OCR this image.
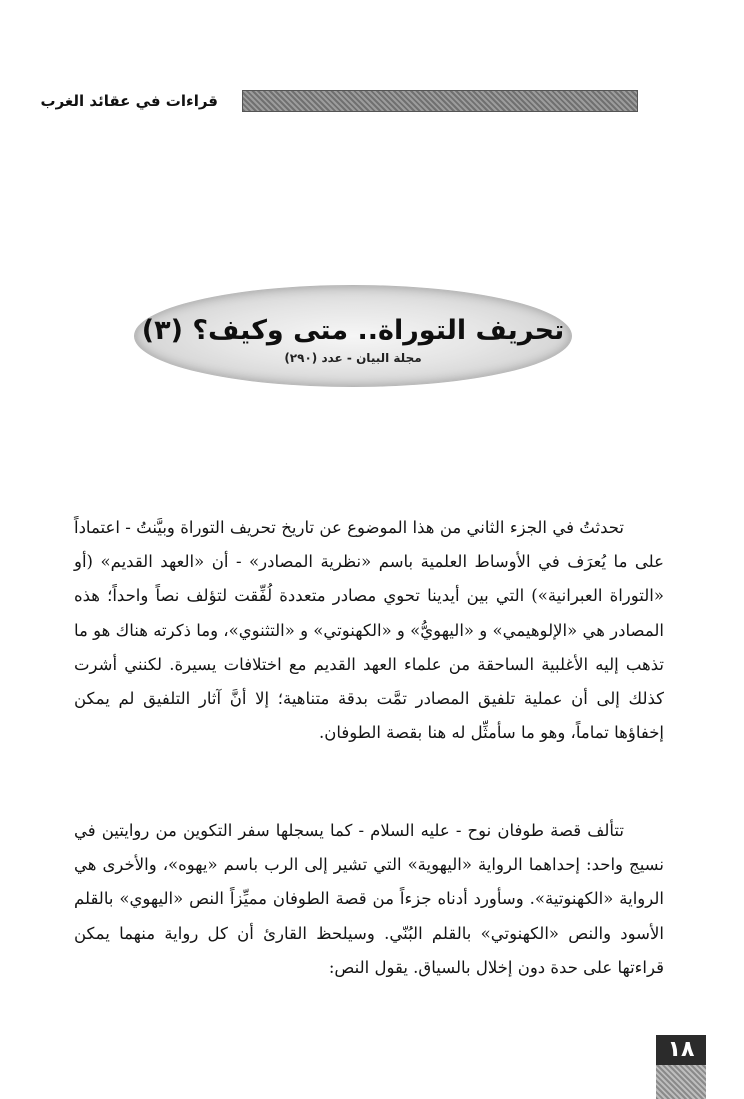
قراءات في عقائد الغرب
تحريف التوراة.. متى وكيف؟ (٣)
مجلة البيان - عدد (٢٩٠)

تحدثتُ في الجزء الثاني من هذا الموضوع عن تاريخ تحريف التوراة وبيَّنتُ - اعتماداً على ما يُعرَف في الأوساط العلمية باسم «نظرية المصادر» - أن «العهد القديم» (أو «التوراة العبرانية») التي بين أيدينا تحوي مصادر متعددة لُفِّقت لتؤلف نصاً واحداً؛ هذه المصادر هي «الإلوهيمي» و «اليهويُّ» و «الكهنوتي» و «التثنوي»، وما ذكرته هناك هو ما تذهب إليه الأغلبية الساحقة من علماء العهد القديم مع اختلافات يسيرة. لكنني أشرت كذلك إلى أن عملية تلفيق المصادر تمَّت بدقة متناهية؛ إلا أنَّ آثار التلفيق لم يمكن إخفاؤها تماماً، وهو ما سأمثِّل له هنا بقصة الطوفان.

تتألف قصة طوفان نوح - عليه السلام - كما يسجلها سفر التكوين من روايتين في نسيج واحد: إحداهما الرواية «اليهوية» التي تشير إلى الرب باسم «يهوه»، والأخرى هي الرواية «الكهنوتية». وسأورد أدناه جزءاً من قصة الطوفان مميِّزاً النص «اليهوي» بالقلم الأسود والنص «الكهنوتي» بالقلم البُنّي. وسيلحظ القارئ أن كل رواية منهما يمكن قراءتها على حدة دون إخلال بالسياق. يقول النص:

١٨
